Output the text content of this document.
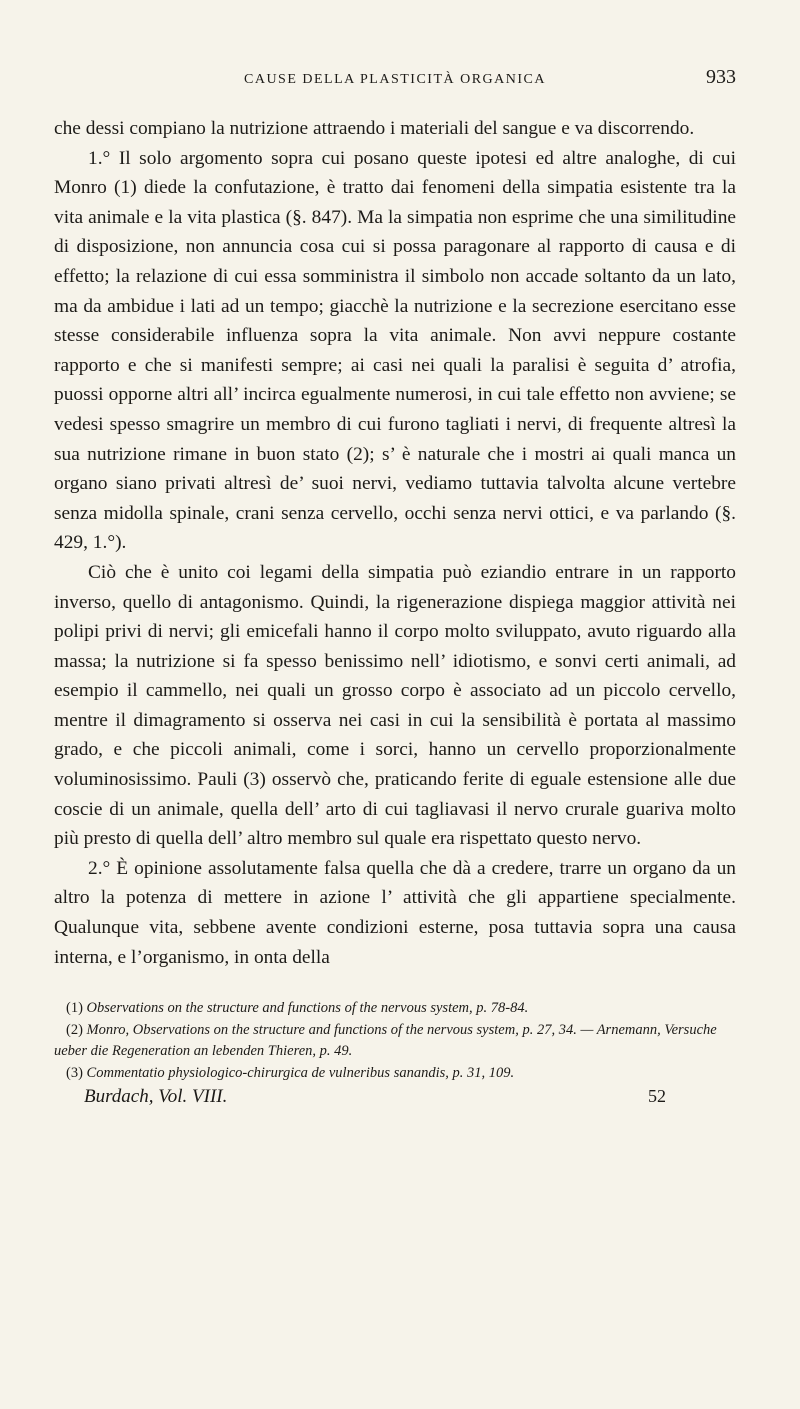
CAUSE DELLA PLASTICITÀ ORGANICA	933

che dessi compiano la nutrizione attraendo i materiali del sangue e va discorrendo.

1.° Il solo argomento sopra cui posano queste ipotesi ed altre analoghe, di cui Monro (1) diede la confutazione, è tratto dai fenomeni della simpatia esistente tra la vita animale e la vita plastica (§. 847). Ma la simpatia non esprime che una similitudine di disposizione, non annuncia cosa cui si possa paragonare al rapporto di causa e di effetto; la relazione di cui essa somministra il simbolo non accade soltanto da un lato, ma da ambidue i lati ad un tempo; giacchè la nutrizione e la secrezione esercitano esse stesse considerabile influenza sopra la vita animale. Non avvi neppure costante rapporto e che si manifesti sempre; ai casi nei quali la paralisi è seguita d’ atrofia, puossi opporne altri all’ incirca egualmente numerosi, in cui tale effetto non avviene; se vedesi spesso smagrire un membro di cui furono tagliati i nervi, di frequente altresì la sua nutrizione rimane in buon stato (2); s’ è naturale che i mostri ai quali manca un organo siano privati altresì de’ suoi nervi, vediamo tuttavia talvolta alcune vertebre senza midolla spinale, crani senza cervello, occhi senza nervi ottici, e va parlando (§. 429, 1.°).

Ciò che è unito coi legami della simpatia può eziandio entrare in un rapporto inverso, quello di antagonismo. Quindi, la rigenerazione dispiega maggior attività nei polipi privi di nervi; gli emicefali hanno il corpo molto sviluppato, avuto riguardo alla massa; la nutrizione si fa spesso benissimo nell’ idiotismo, e sonvi certi animali, ad esempio il cammello, nei quali un grosso corpo è associato ad un piccolo cervello, mentre il dimagramento si osserva nei casi in cui la sensibilità è portata al massimo grado, e che piccoli animali, come i sorci, hanno un cervello proporzionalmente voluminosissimo. Pauli (3) osservò che, praticando ferite di eguale estensione alle due coscie di un animale, quella dell’ arto di cui tagliavasi il nervo crurale guariva molto più presto di quella dell’ altro membro sul quale era rispettato questo nervo.

2.° È opinione assolutamente falsa quella che dà a credere, trarre un organo da un altro la potenza di mettere in azione l’ attività che gli appartiene specialmente. Qualunque vita, sebbene avente condizioni esterne, posa tuttavia sopra una causa interna, e l’organismo, in onta della

(1) Observations on the structure and functions of the nervous system, p. 78-84.

(2) Monro, Observations on the structure and functions of the nervous system, p. 27, 34. — Arnemann, Versuche ueber die Regeneration an lebenden Thieren, p. 49.

(3) Commentatio physiologico-chirurgica de vulneribus sanandis, p. 31, 109.

Burdach, Vol. VIII.	52
